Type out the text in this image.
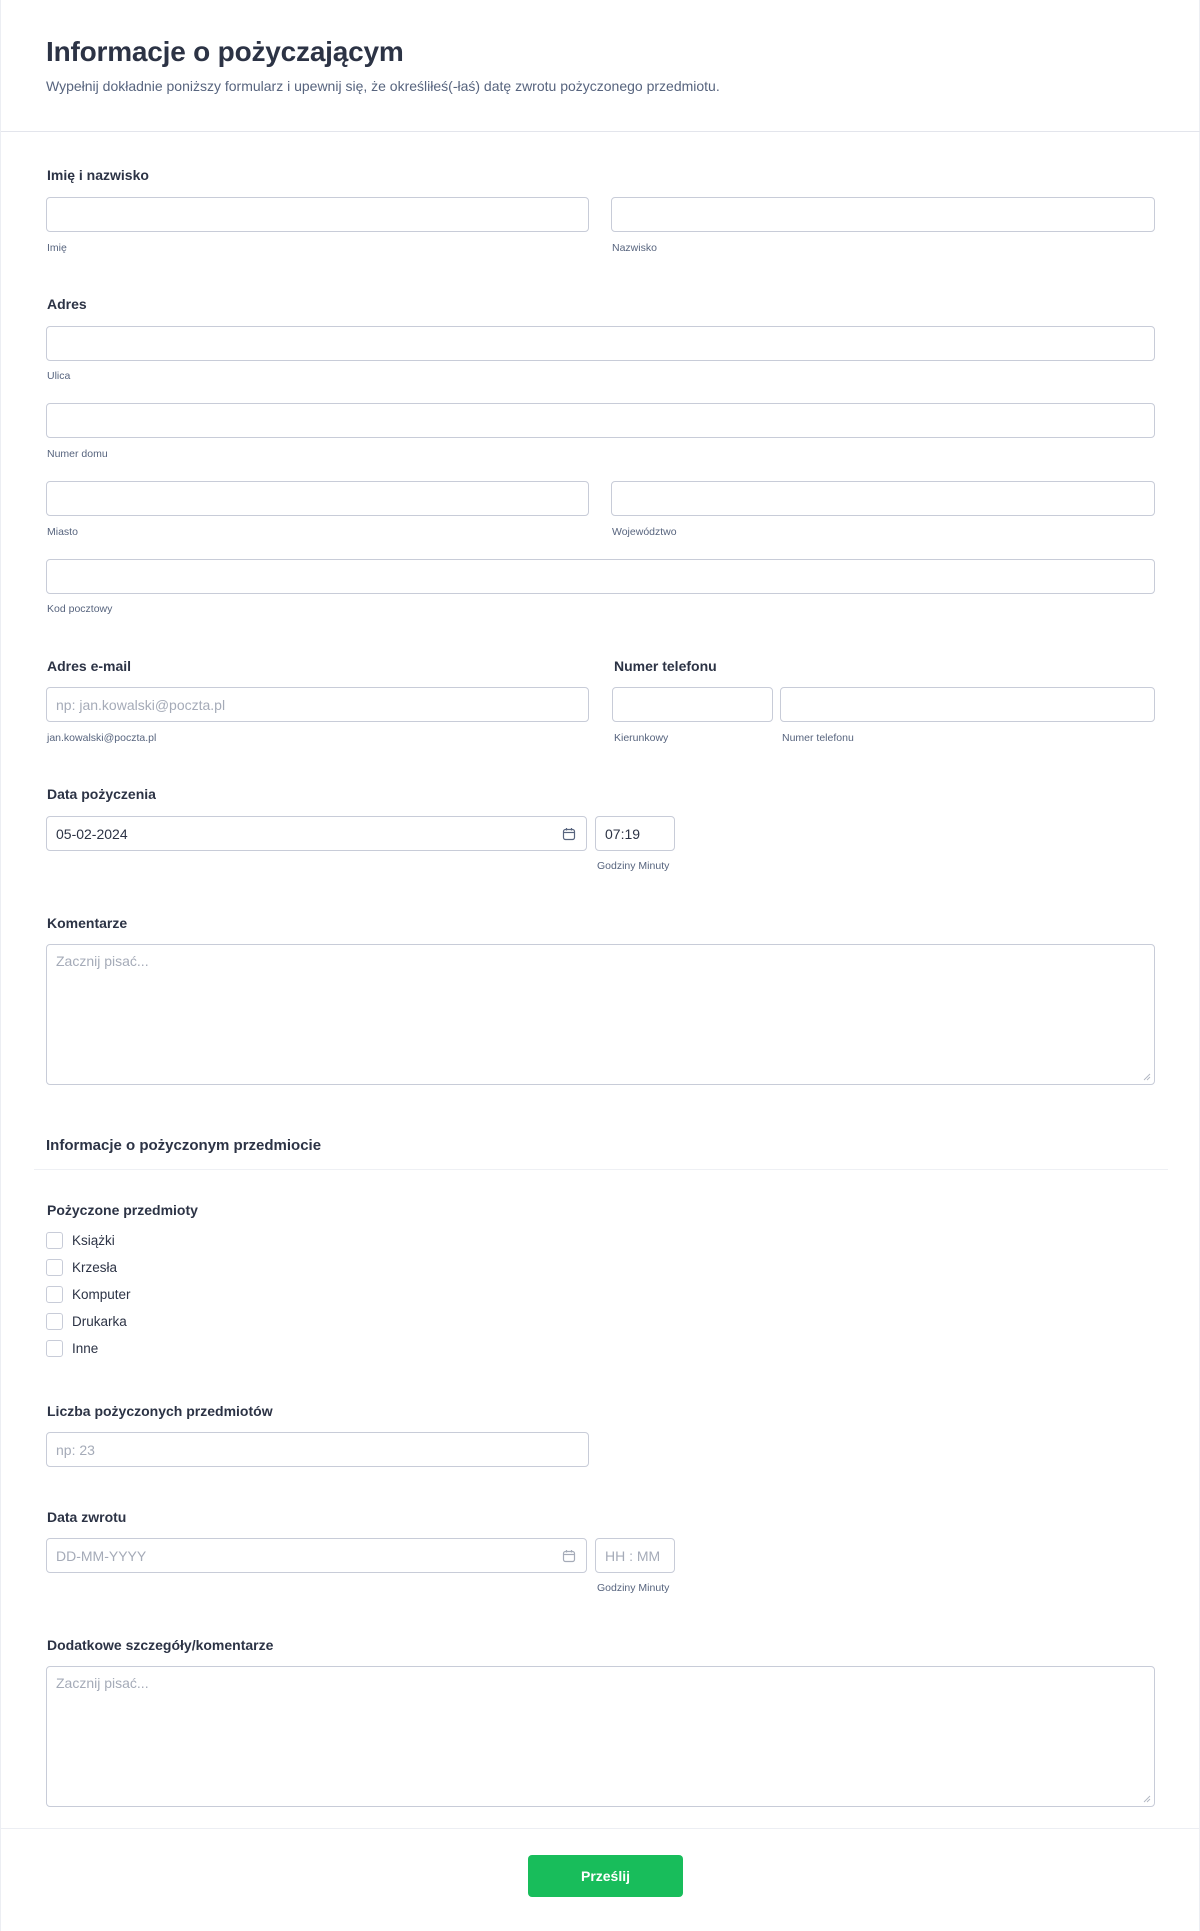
Informacje o pożyczającym
Wypełnij dokładnie poniższy formularz i upewnij się, że określiłeś(-łaś) datę zwrotu pożyczonego przedmiotu.
Imię i nazwisko
Imię	Nazwisko
Adres
Ulica
Numer domu
Miasto	Województwo
Kod pocztowy
Adres e-mail
np: jan.kowalski@poczta.pl
jan.kowalski@poczta.pl
Numer telefonu
Kierunkowy	Numer telefonu
Data pożyczenia
05-02-2024	07:19
Godziny Minuty
Komentarze
Zacznij pisać...
Informacje o pożyczonym przedmiocie
Pożyczone przedmioty
Książki
Krzesła
Komputer
Drukarka
Inne
Liczba pożyczonych przedmiotów
np: 23
Data zwrotu
DD-MM-YYYY	HH : MM
Godziny Minuty
Dodatkowe szczegóły/komentarze
Zacznij pisać...
Prześlij
